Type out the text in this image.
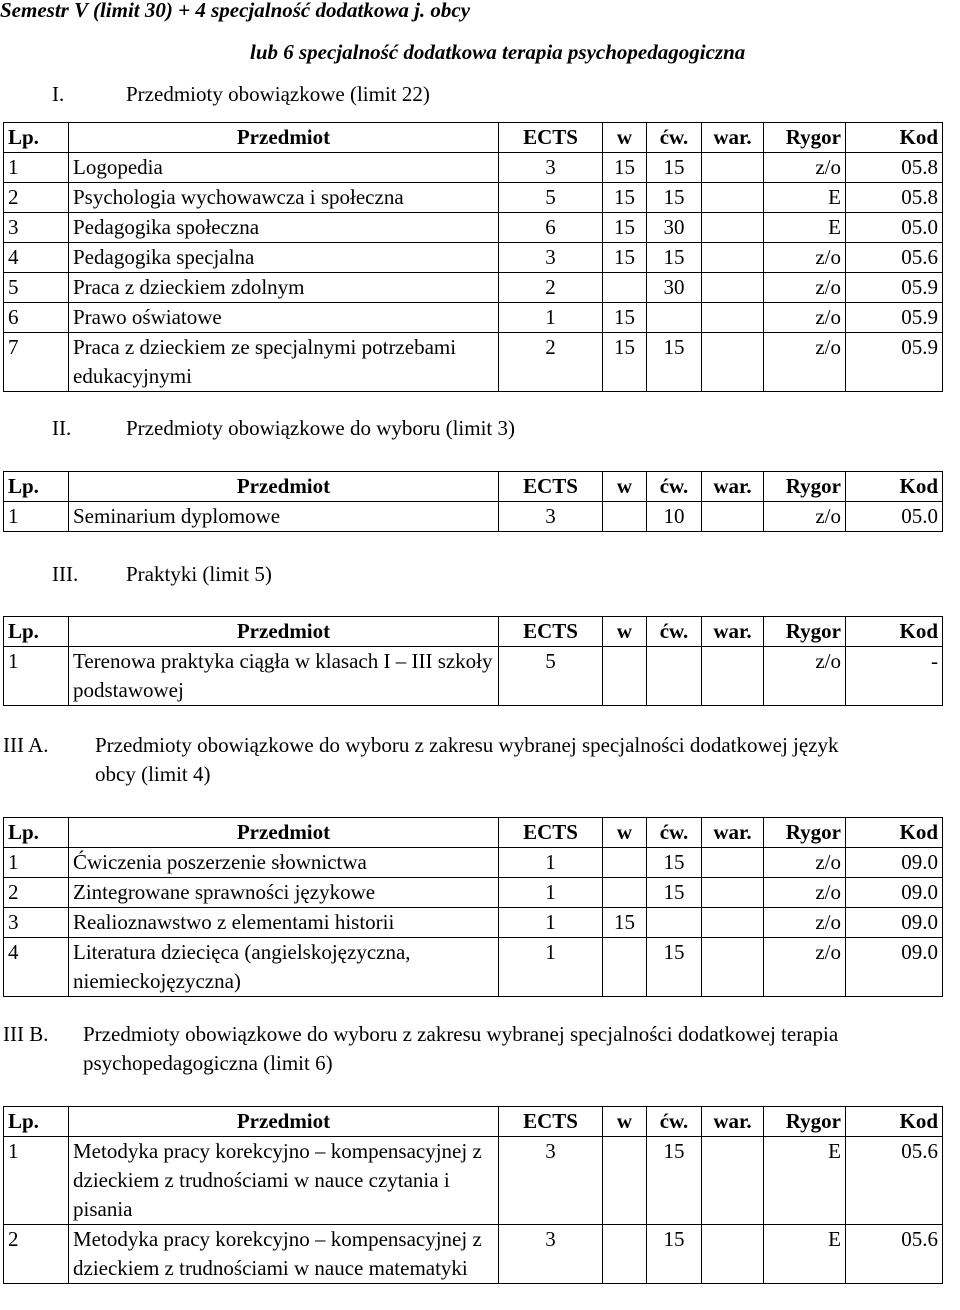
Semestr V (limit 30) + 4 specjalność dodatkowa j. obcy
lub 6 specjalność dodatkowa terapia psychopedagogiczna
I.	Przedmioty obowiązkowe (limit 22)
Lp.	Przedmiot	ECTS	w	ćw.	war.	Rygor	Kod
1	Logopedia	3	15	15		z/o	05.8
2	Psychologia wychowawcza i społeczna	5	15	15		E	05.8
3	Pedagogika społeczna	6	15	30		E	05.0
4	Pedagogika specjalna	3	15	15		z/o	05.6
5	Praca z dzieckiem zdolnym	2		30		z/o	05.9
6	Prawo oświatowe	1	15			z/o	05.9
7	Praca z dzieckiem ze specjalnymi potrzebami edukacyjnymi	2	15	15		z/o	05.9
II.	Przedmioty obowiązkowe do wyboru (limit 3)
Lp.	Przedmiot	ECTS	w	ćw.	war.	Rygor	Kod
1	Seminarium dyplomowe	3		10		z/o	05.0
III. Praktyki (limit 5)
Lp.	Przedmiot	ECTS	w	ćw.	war.	Rygor	Kod
1	Terenowa praktyka ciągła w klasach I – III szkoły podstawowej	5				z/o	-
III A. Przedmioty obowiązkowe do wyboru z zakresu wybranej specjalności dodatkowej język obcy (limit 4)
Lp.	Przedmiot	ECTS	w	ćw.	war.	Rygor	Kod
1	Ćwiczenia poszerzenie słownictwa	1		15		z/o	09.0
2	Zintegrowane sprawności językowe	1		15		z/o	09.0
3	Realioznawstwo z elementami historii	1	15			z/o	09.0
4	Literatura dziecięca (angielskojęzyczna, niemieckojęzyczna)	1		15		z/o	09.0
III B. Przedmioty obowiązkowe do wyboru z zakresu wybranej specjalności dodatkowej terapia psychopedagogiczna (limit 6)
Lp.	Przedmiot	ECTS	w	ćw.	war.	Rygor	Kod
1	Metodyka pracy korekcyjno – kompensacyjnej z dzieckiem z trudnościami w nauce czytania i pisania	3		15		E	05.6
2	Metodyka pracy korekcyjno – kompensacyjnej z dzieckiem z trudnościami w nauce matematyki	3		15		E	05.6
